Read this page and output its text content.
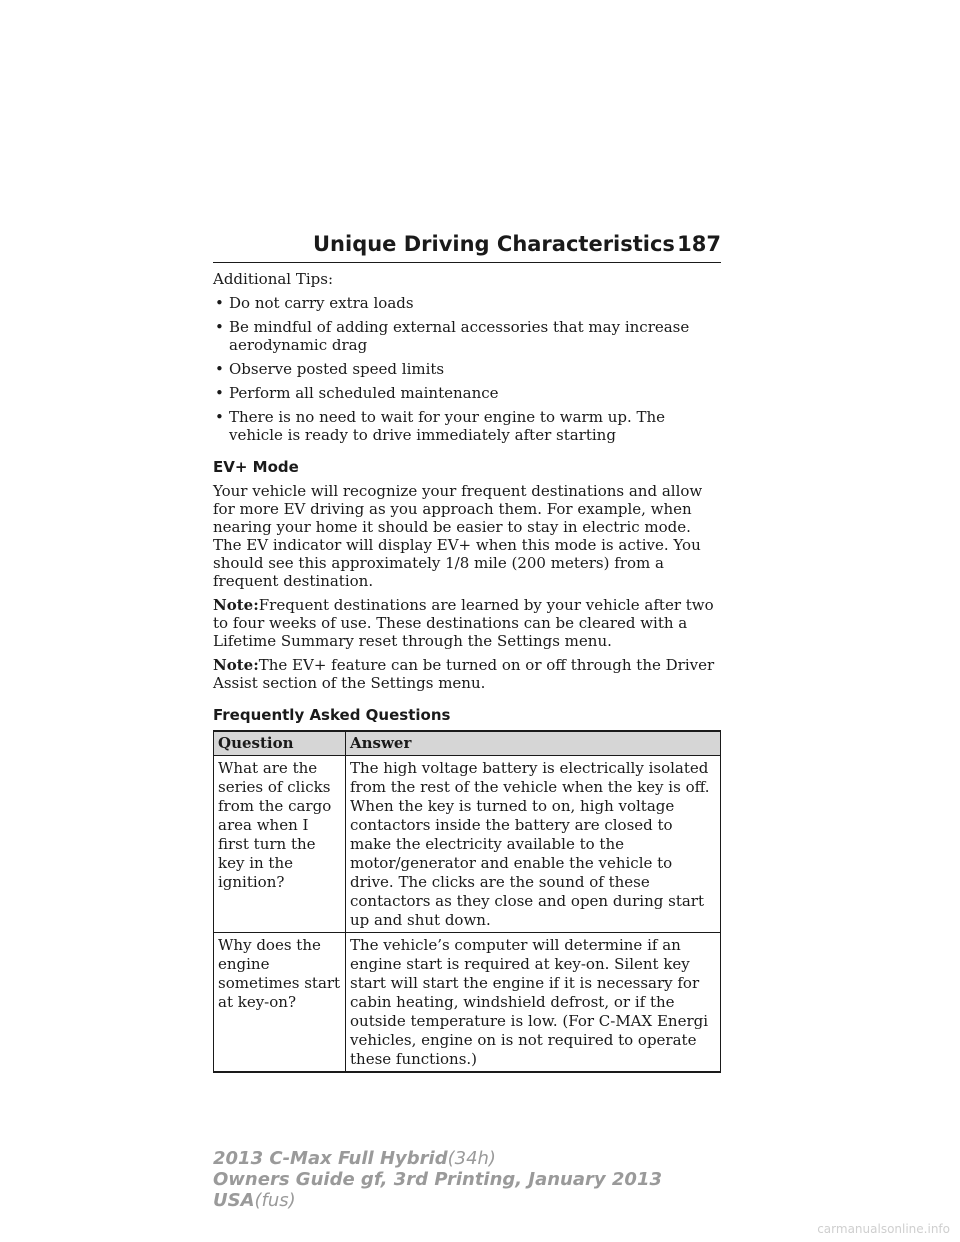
Unique Driving Characteristics 187

Additional Tips:

• Do not carry extra loads
• Be mindful of adding external accessories that may increase aerodynamic drag
• Observe posted speed limits
• Perform all scheduled maintenance
• There is no need to wait for your engine to warm up. The vehicle is ready to drive immediately after starting
EV+ Mode

Your vehicle will recognize your frequent destinations and allow for more EV driving as you approach them. For example, when nearing your home it should be easier to stay in electric mode. The EV indicator will display EV+ when this mode is active. You should see this approximately 1/8 mile (200 meters) from a frequent destination.

Note:Frequent destinations are learned by your vehicle after two to four weeks of use. These destinations can be cleared with a Lifetime Summary reset through the Settings menu.

Note:The EV+ feature can be turned on or off through the Driver Assist section of the Settings menu.

Frequently Asked Questions
Question	Answer
What are the series of clicks from the cargo area when I first turn the key in the ignition?	The high voltage battery is electrically isolated from the rest of the vehicle when the key is off. When the key is turned to on, high voltage contactors inside the battery are closed to make the electricity available to the motor/generator and enable the vehicle to drive. The clicks are the sound of these contactors as they close and open during start up and shut down.
Why does the engine sometimes start at key-on?	The vehicle’s computer will determine if an engine start is required at key-on. Silent key start will start the engine if it is necessary for cabin heating, windshield defrost, or if the outside temperature is low. (For C-MAX Energi vehicles, engine on is not required to operate these functions.)
2013 C-Max Full Hybrid(34h)
Owners Guide gf, 3rd Printing, January 2013
USA(fus)
carmanualsonline.info
